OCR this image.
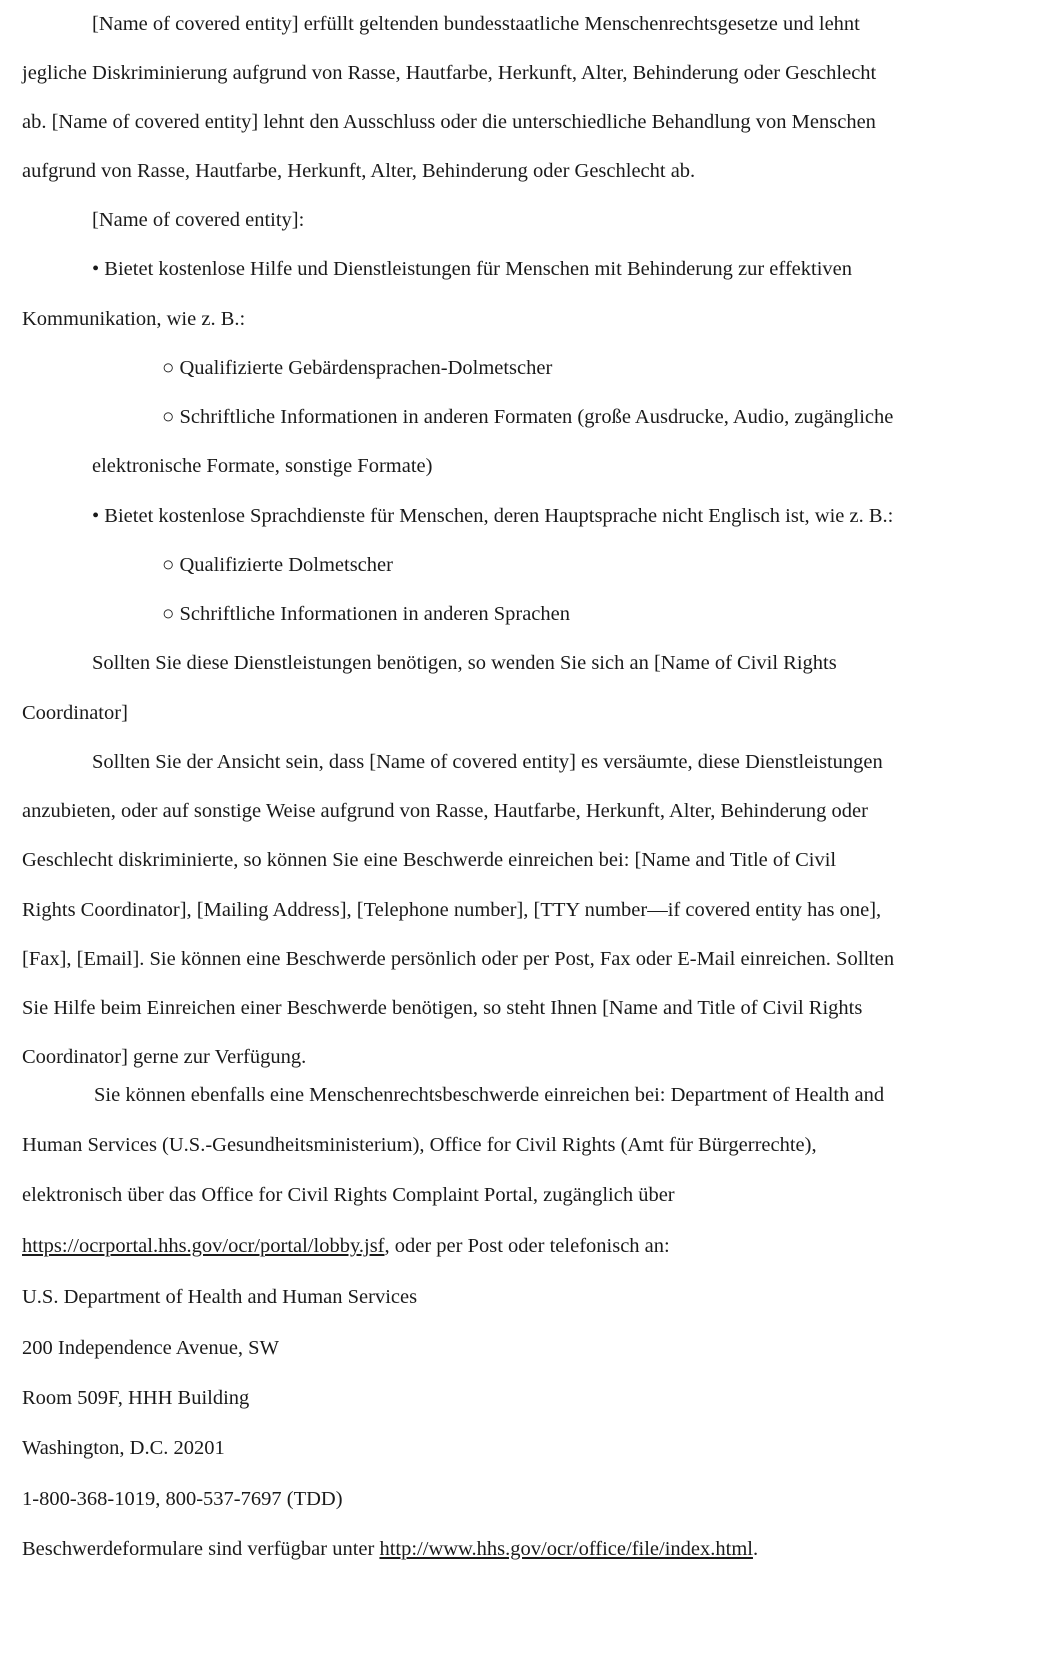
[Name of covered entity] erfüllt geltenden bundesstaatliche Menschenrechtsgesetze und lehnt
jegliche Diskriminierung aufgrund von Rasse, Hautfarbe, Herkunft, Alter, Behinderung oder Geschlecht
ab. [Name of covered entity] lehnt den Ausschluss oder die unterschiedliche Behandlung von Menschen
aufgrund von Rasse, Hautfarbe, Herkunft, Alter, Behinderung oder Geschlecht ab.
[Name of covered entity]:
• Bietet kostenlose Hilfe und Dienstleistungen für Menschen mit Behinderung zur effektiven
Kommunikation, wie z. B.:
○ Qualifizierte Gebärdensprachen-Dolmetscher
○ Schriftliche Informationen in anderen Formaten (große Ausdrucke, Audio, zugängliche
elektronische Formate, sonstige Formate)
• Bietet kostenlose Sprachdienste für Menschen, deren Hauptsprache nicht Englisch ist, wie z. B.:
○ Qualifizierte Dolmetscher
○ Schriftliche Informationen in anderen Sprachen
Sollten Sie diese Dienstleistungen benötigen, so wenden Sie sich an [Name of Civil Rights
Coordinator]
Sollten Sie der Ansicht sein, dass [Name of covered entity] es versäumte, diese Dienstleistungen
anzubieten, oder auf sonstige Weise aufgrund von Rasse, Hautfarbe, Herkunft, Alter, Behinderung oder
Geschlecht diskriminierte, so können Sie eine Beschwerde einreichen bei: [Name and Title of Civil
Rights Coordinator], [Mailing Address], [Telephone number], [TTY number—if covered entity has one],
[Fax], [Email]. Sie können eine Beschwerde persönlich oder per Post, Fax oder E-Mail einreichen. Sollten
Sie Hilfe beim Einreichen einer Beschwerde benötigen, so steht Ihnen [Name and Title of Civil Rights
Coordinator] gerne zur Verfügung.
Sie können ebenfalls eine Menschenrechtsbeschwerde einreichen bei: Department of Health and
Human Services (U.S.-Gesundheitsministerium), Office for Civil Rights (Amt für Bürgerrechte),
elektronisch über das Office for Civil Rights Complaint Portal, zugänglich über
https://ocrportal.hhs.gov/ocr/portal/lobby.jsf, oder per Post oder telefonisch an:
U.S. Department of Health and Human Services
200 Independence Avenue, SW
Room 509F, HHH Building
Washington, D.C. 20201
1-800-368-1019, 800-537-7697 (TDD)
Beschwerdeformulare sind verfügbar unter http://www.hhs.gov/ocr/office/file/index.html.
